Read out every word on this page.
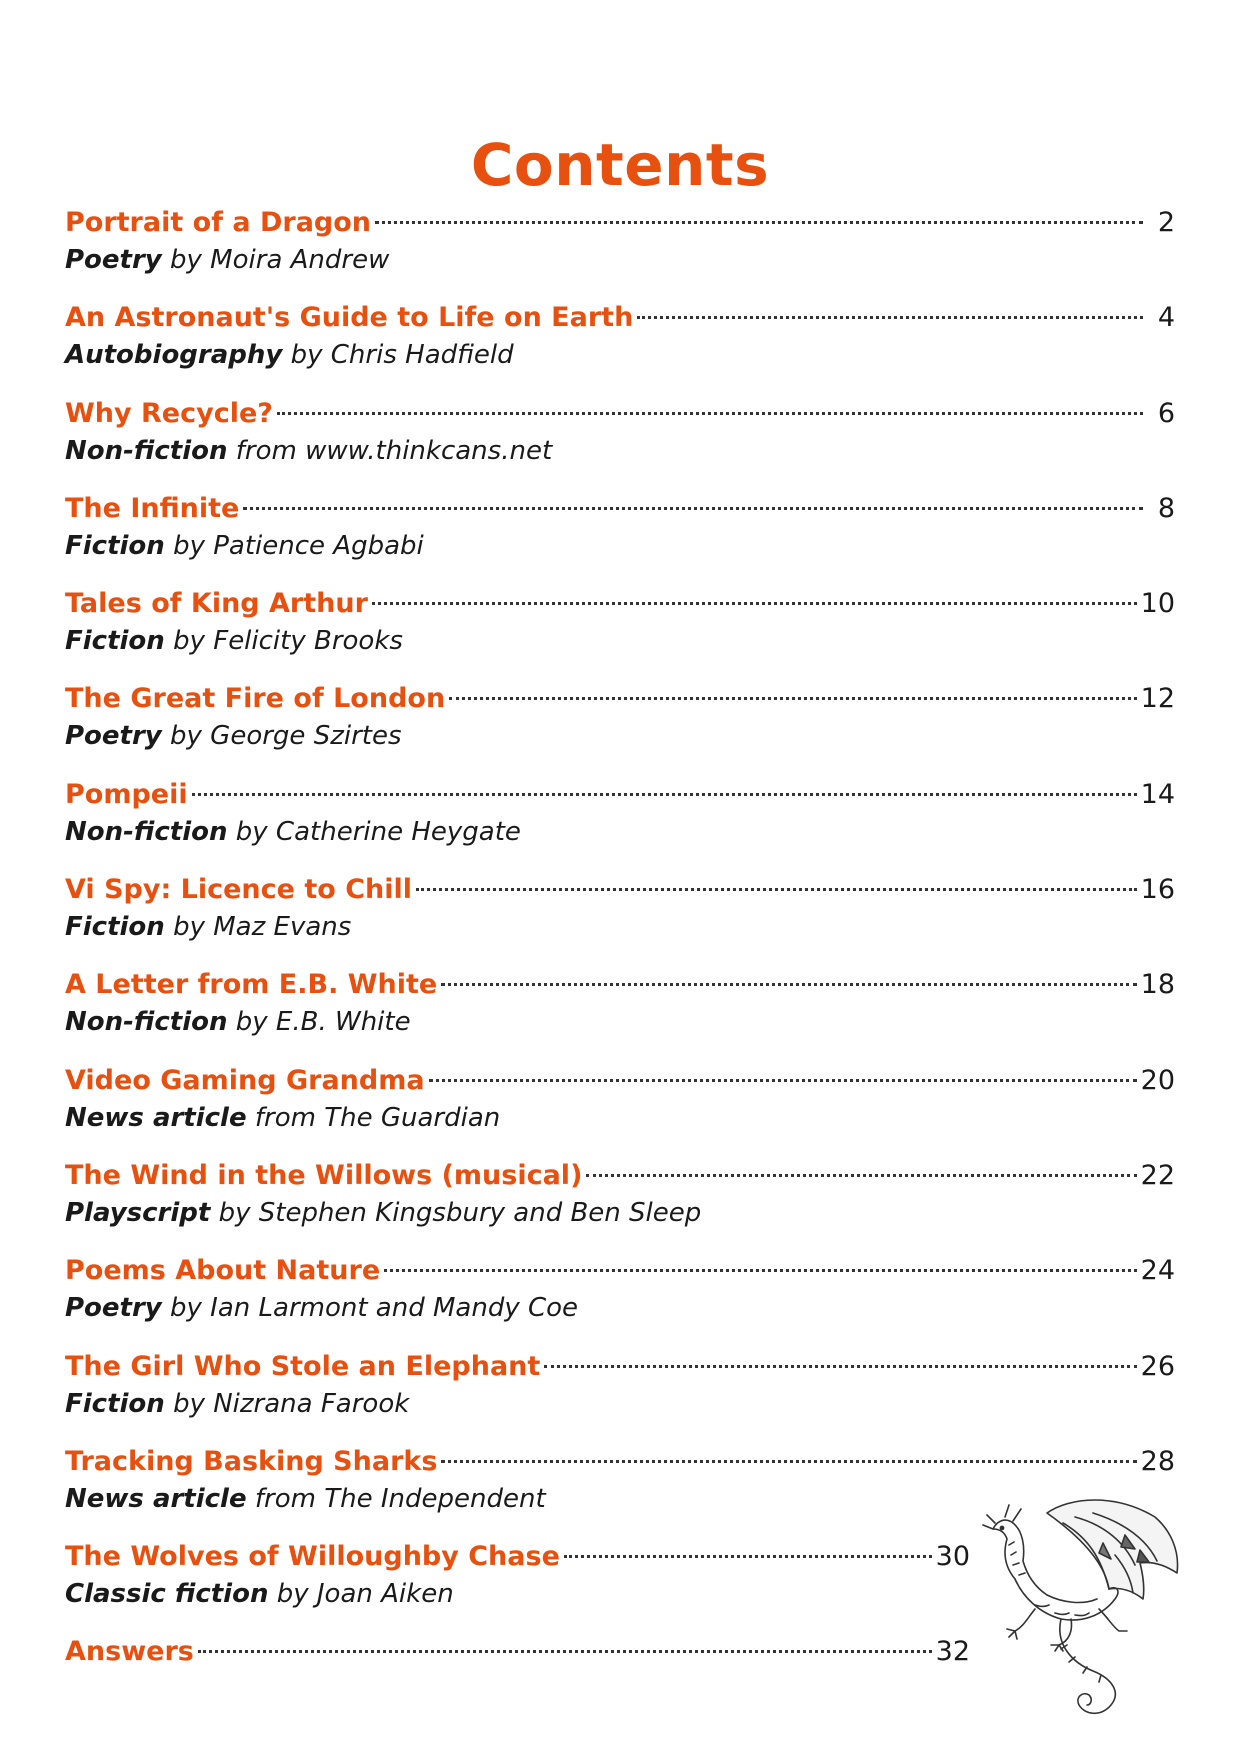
Contents
Portrait of a Dragon	2
Poetry by Moira Andrew
An Astronaut's Guide to Life on Earth	4
Autobiography by Chris Hadfield
Why Recycle?	6
Non-fiction from www.thinkcans.net
The Infinite	8
Fiction by Patience Agbabi
Tales of King Arthur	10
Fiction by Felicity Brooks
The Great Fire of London	12
Poetry by George Szirtes
Pompeii	14
Non-fiction by Catherine Heygate
Vi Spy: Licence to Chill	16
Fiction by Maz Evans
A Letter from E.B. White	18
Non-fiction by E.B. White
Video Gaming Grandma	20
News article from The Guardian
The Wind in the Willows (musical)	22
Playscript by Stephen Kingsbury and Ben Sleep
Poems About Nature	24
Poetry by Ian Larmont and Mandy Coe
The Girl Who Stole an Elephant	26
Fiction by Nizrana Farook
Tracking Basking Sharks	28
News article from The Independent
The Wolves of Willoughby Chase	30
Classic fiction by Joan Aiken
Answers	32
